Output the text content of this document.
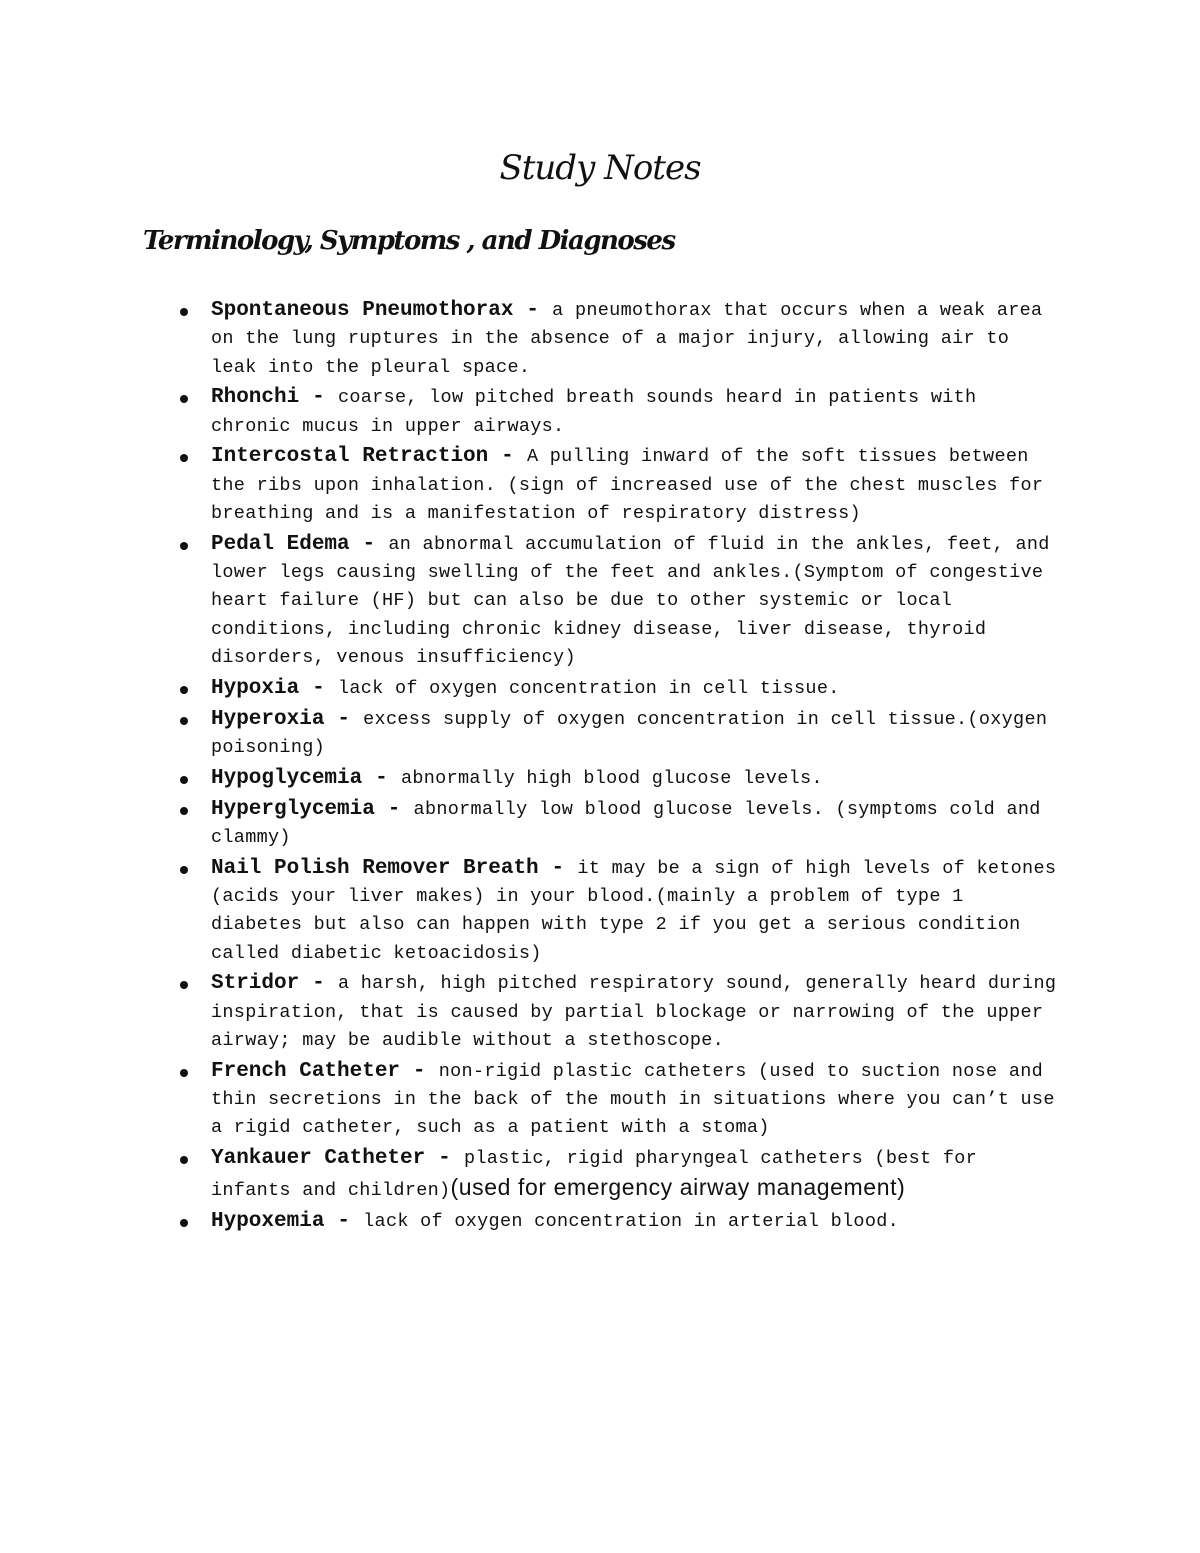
Study Notes
Terminology, Symptoms , and Diagnoses
Spontaneous Pneumothorax - a pneumothorax that occurs when a weak area on the lung ruptures in the absence of a major injury, allowing air to leak into the pleural space.
Rhonchi - coarse, low pitched breath sounds heard in patients with chronic mucus in upper airways.
Intercostal Retraction - A pulling inward of the soft tissues between the ribs upon inhalation. (sign of increased use of the chest muscles for breathing and is a manifestation of respiratory distress)
Pedal Edema - an abnormal accumulation of fluid in the ankles, feet, and lower legs causing swelling of the feet and ankles.(Symptom of congestive heart failure (HF) but can also be due to other systemic or local conditions, including chronic kidney disease, liver disease, thyroid disorders, venous insufficiency)
Hypoxia - lack of oxygen concentration in cell tissue.
Hyperoxia - excess supply of oxygen concentration in cell tissue.(oxygen poisoning)
Hypoglycemia - abnormally high blood glucose levels.
Hyperglycemia - abnormally low blood glucose levels. (symptoms cold and clammy)
Nail Polish Remover Breath - it may be a sign of high levels of ketones (acids your liver makes) in your blood.(mainly a problem of type 1 diabetes but also can happen with type 2 if you get a serious condition called diabetic ketoacidosis)
Stridor - a harsh, high pitched respiratory sound, generally heard during inspiration, that is caused by partial blockage or narrowing of the upper airway; may be audible without a stethoscope.
French Catheter - non-rigid plastic catheters (used to suction nose and thin secretions in the back of the mouth in situations where you can’t use a rigid catheter, such as a patient with a stoma)
Yankauer Catheter - plastic, rigid pharyngeal catheters (best for infants and children)(used for emergency airway management)
Hypoxemia - lack of oxygen concentration in arterial blood.
